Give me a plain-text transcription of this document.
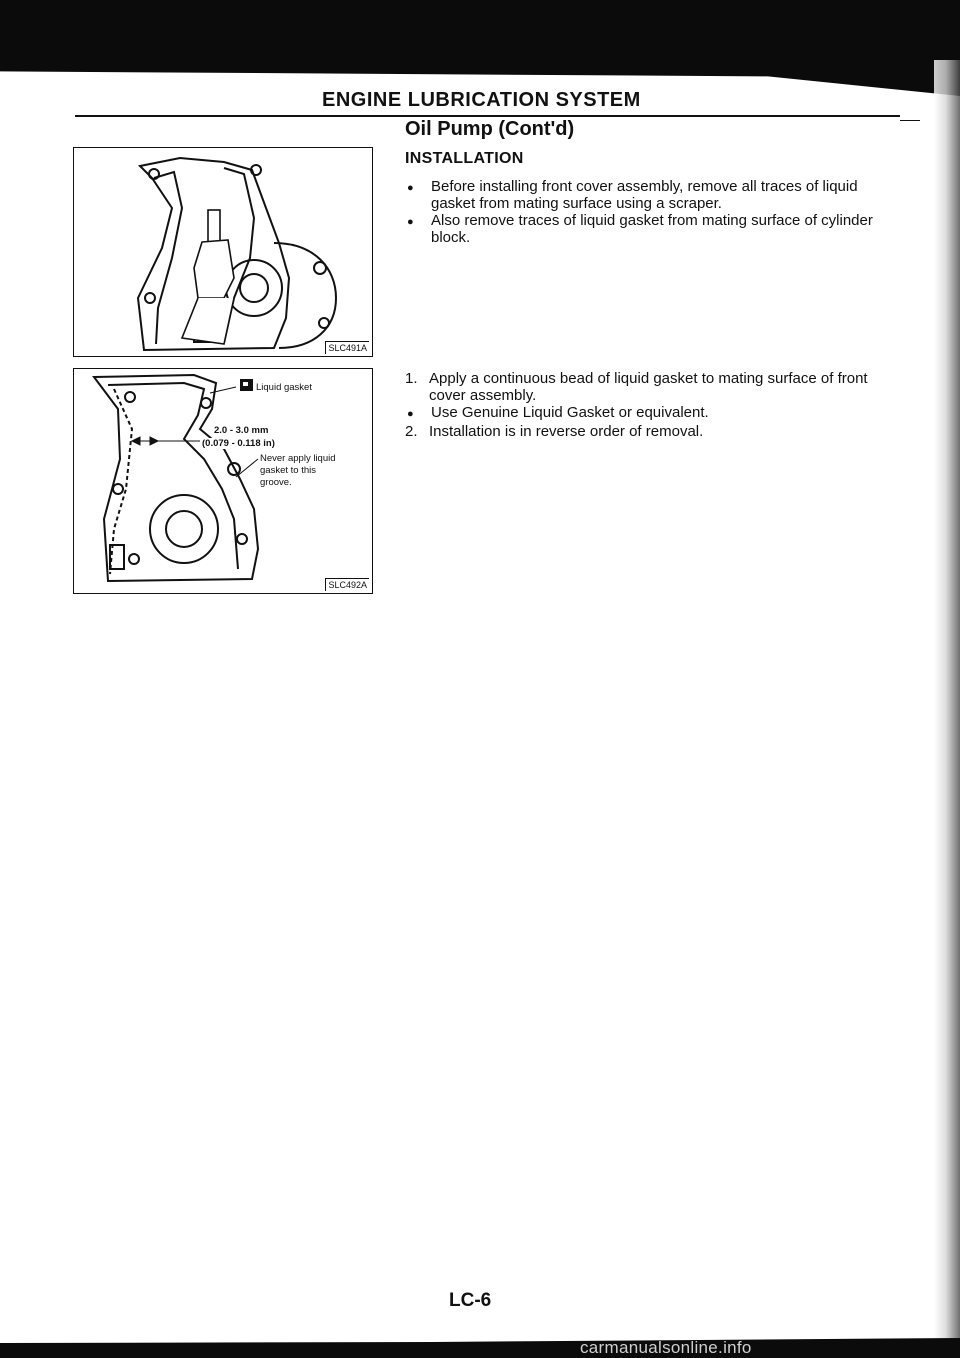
ENGINE LUBRICATION SYSTEM
Oil Pump (Cont'd)
INSTALLATION
●	Before installing front cover assembly, remove all traces of liquid gasket from mating surface using a scraper.
●	Also remove traces of liquid gasket from mating surface of cylinder block.
1. Apply a continuous bead of liquid gasket to mating surface of front cover assembly.
●	Use Genuine Liquid Gasket or equivalent.
2. Installation is in reverse order of removal.
SLC491A
Liquid gasket
2.0 - 3.0 mm
(0.079 - 0.118 in)
Never apply liquid
gasket to this
groove.
SLC492A
LC-6
carmanualsonline.info
